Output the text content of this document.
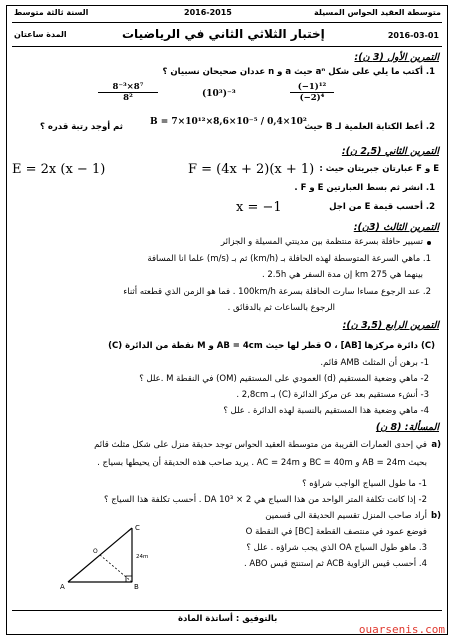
متوسطة العقيد الحواس المسيلة
2016-2015
السنة ثالثة متوسط
المدة ساعتان	إختبار الثلاثي الثاني في الرياضيات	2016-03-01
التمرين الأول (3 ن):
1. أكتب ما يلي على شكل aⁿ حيث a و n عددان صحيحان نسبيان ؟
$\frac{\text{8⁻³×8⁷}}{\text{8²}}$	(10³)⁻³	$\frac{\text{(−1)¹²}}{\text{(−2)⁴}}$
2. أعط الكتابة العلمية لـ B حيث
B = 7×10¹²×8,6×10⁻⁵ / 0,4×10²
ثم أوجد رتبة قدره ؟
التمرين الثاني (2,5 ن):
E و F عبارتان جبريتان حيث :
F = (4x + 2)(x + 1)
E = 2x (x − 1)
1. انشر ثم بسط العبارتين E و F .
2. أحسب قيمة E من اجل
x = −1
التمرين الثالث (3ن):
تسيير حافلة بسرعة منتظمة بين مدينتي المسيلة و الجزائر
1. ماهي السرعة المتوسطة لهذه الحافلة بـ (km/h) ثم بـ (m/s) علما انا المسافة
بينهما هي 275 km إن مدة السفر هي 2.5h .
2. عند الرجوع مساءا سارت الحافلة بسرعة 100km/h . فما هو الزمن الذي قطعته أثناء
الرجوع بالساعات ثم بالدقائق .
التمرين الرابع (3,5 ن):
(C) دائرة مركزها O ، [AB] قطر لها حيث AB = 4cm و M نقطة من الدائرة (C)
1- برهن أن المثلث AMB قائم.
2- ماهي وضعية المستقيم (d) العمودي على المستقيم (OM) في النقطة M .علل ؟
3- أنشء مستقيم بعد عن مركز الدائرة (C) بـ 2,8cm .
4- ماهي وضعية هذا المستقيم بالنسبة لهذه الدائرة . علل ؟
المسألة: (8 ن)
a)
في إحدى العمارات القريبة من متوسطة العقيد الحواس توجد حديقة منزل على شكل مثلث قائم
بحيث AB = 24m و BC = 40m و AC = 24m . يريد صاحب هذه الحديقة أن يحيطها بسياج .
1- ما طول السياج الواجب شراؤه ؟
2- إذا كانت تكلفة المتر الواحد من هذا السياج هي 2 × 10³ DA . أحسب تكلفة هذا السياج ؟
b)
أراد صاحب المنزل تقسيم الحديقة الى قسمين
فوضع عمود في منتصف القطعة [BC] في النقطة O
3. ماهو طول السياج OA الذي يجب شراؤه . علل ؟
4. أحسب قيس الزاوية ACB ثم إستنتج قيس ABO .
C
A	B
O
24m
بالتوفيق : أساتذة المادة
ouarsenis.com
